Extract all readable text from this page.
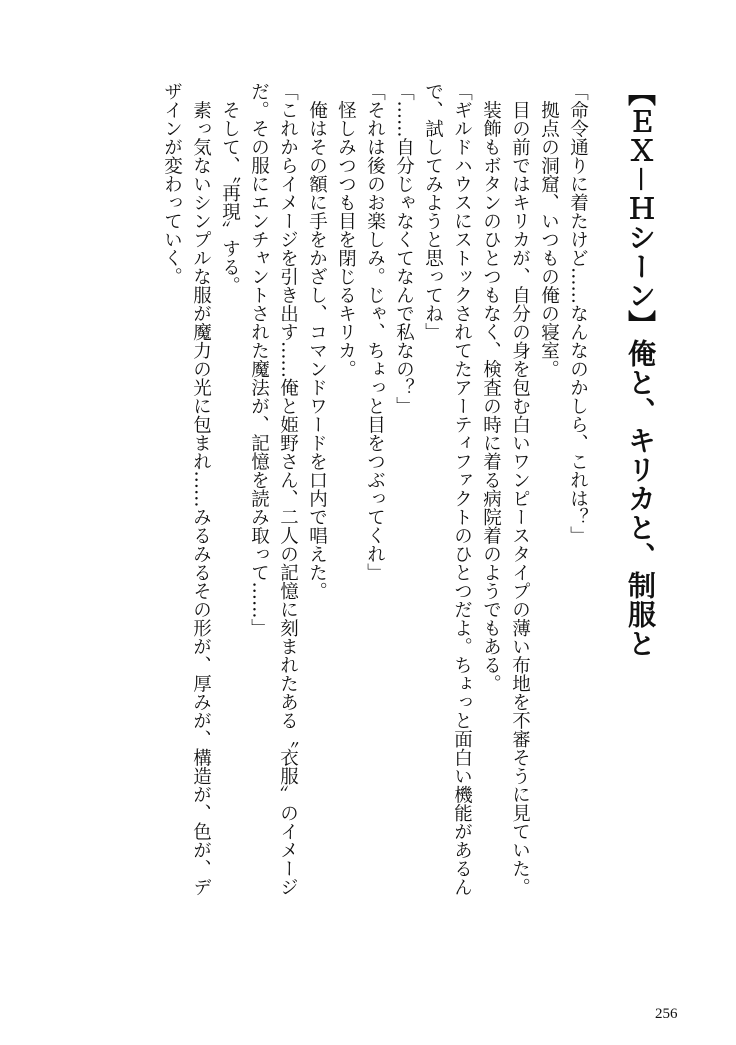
【ＥＸ－Ｈシーン】俺と、キリカと、制服と
「命令通りに着たけど……なんなのかしら、これは？」
　拠点の洞窟、いつもの俺の寝室。
　目の前ではキリカが、自分の身を包む白いワンピースタイプの薄い布地を不審そうに見ていた。
　装飾もボタンのひとつもなく、検査の時に着る病院着のようでもある。
「ギルドハウスにストックされてたアーティファクトのひとつだよ。ちょっと面白い機能があるん
で、試してみようと思ってね」
「……自分じゃなくてなんで私なの？」
「それは後のお楽しみ。じゃ、ちょっと目をつぶってくれ」
　怪しみつつも目を閉じるキリカ。
　俺はその額に手をかざし、コマンドワードを口内で唱えた。
「これからイメージを引き出す……俺と姫野さん、二人の記憶に刻まれたある〝衣服〟のイメージ
だ。その服にエンチャントされた魔法が、記憶を読み取って……」
　そして、〝再現〟する。
　素っ気ないシンプルな服が魔力の光に包まれ……みるみるその形が、厚みが、構造が、色が、デ
ザインが変わっていく。
256
